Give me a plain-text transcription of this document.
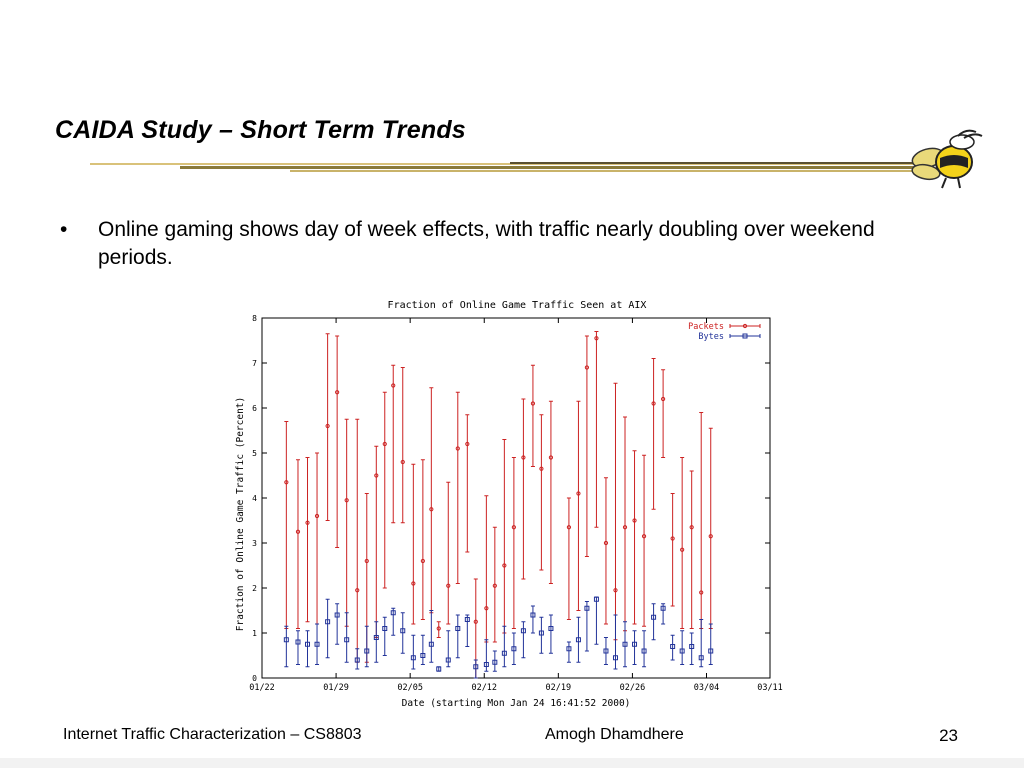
CAIDA Study – Short Term Trends
•	Online gaming shows day of week effects, with traffic nearly doubling over weekend periods.
Fraction of Online Game Traffic Seen at AIX
Fraction of Online Game Traffic (Percent)
Date (starting Mon Jan 24 16:41:52 2000)
0
1
2
3
4
5
6
7
8
01/22	01/29	02/05	02/12	02/19	02/26	03/04	03/11
Packets
Bytes
Internet Traffic Characterization – CS8803	Amogh Dhamdhere	23
